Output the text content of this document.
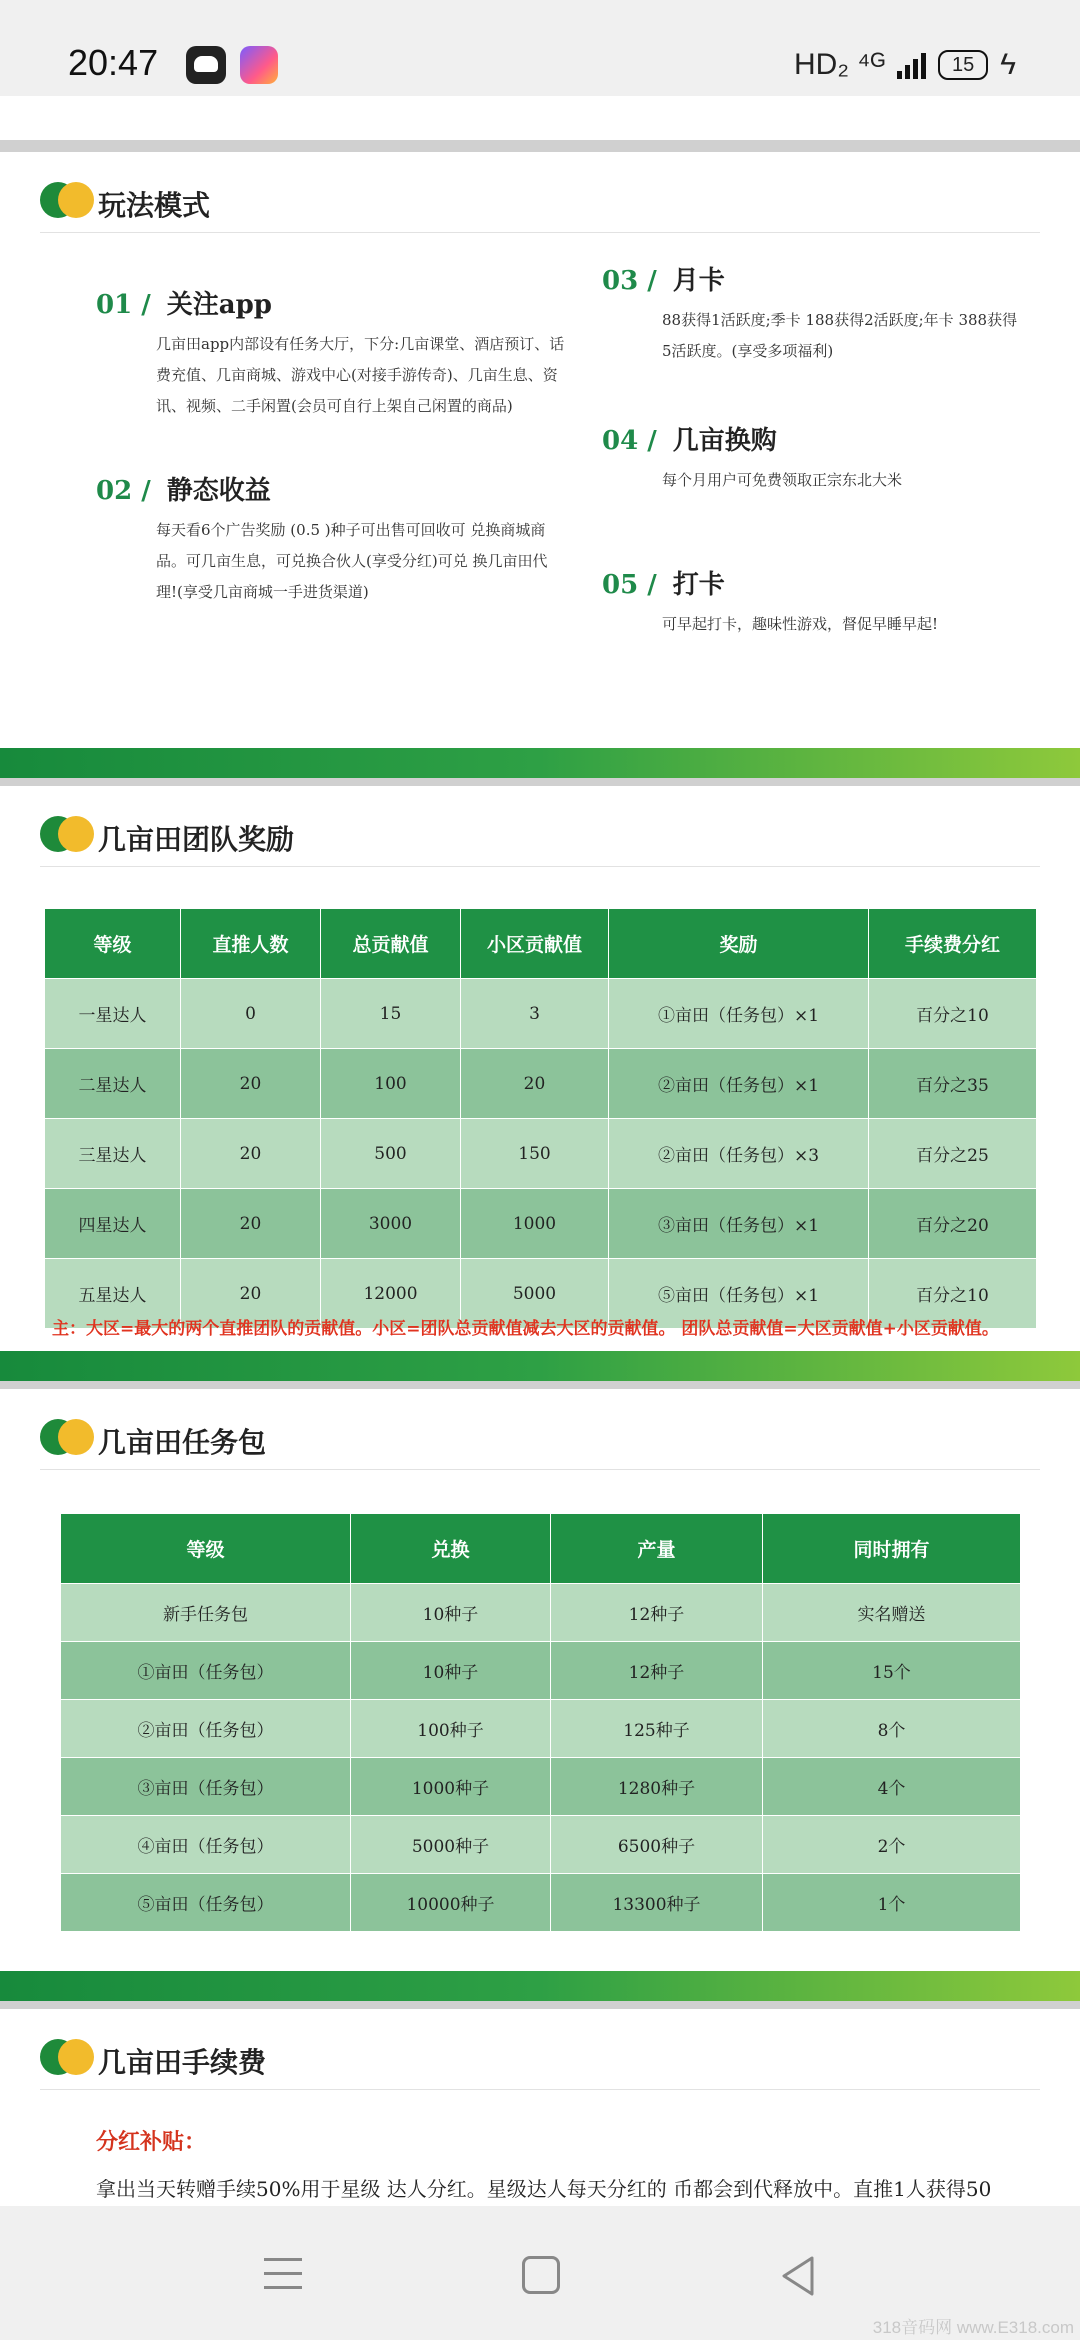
20:47	HD₂ ⁴ᴳ	15 ϟ
玩法模式
01 / 关注app
几亩田app内部设有任务大厅，下分:几亩课堂、酒店预订、话费充值、几亩商城、游戏中心(对接手游传奇)、几亩生息、资讯、视频、二手闲置(会员可自行上架自己闲置的商品)
02 / 静态收益
每天看6个广告奖励 (0.5 )种子可出售可回收可 兑换商城商品。可几亩生息，可兑换合伙人(享受分红)可兑 换几亩田代理!(享受几亩商城一手进货渠道)
03 / 月卡
88获得1活跃度;季卡 188获得2活跃度;年卡 388获得5活跃度。(享受多项福利)
04 / 几亩换购
每个月用户可免费领取正宗东北大米
05 / 打卡
可早起打卡，趣味性游戏，督促早睡早起!
几亩田团队奖励
等级	直推人数	总贡献值	小区贡献值	奖励	手续费分红
一星达人	0	15	3	①亩田（任务包）×1	百分之10
二星达人	20	100	20	②亩田（任务包）×1	百分之35
三星达人	20	500	150	②亩田（任务包）×3	百分之25
四星达人	20	3000	1000	③亩田（任务包）×1	百分之20
五星达人	20	12000	5000	⑤亩田（任务包）×1	百分之10
主：大区=最大的两个直推团队的贡献值。小区=团队总贡献值减去大区的贡献值。 团队总贡献值=大区贡献值+小区贡献值。
几亩田任务包
等级	兑换	产量	同时拥有
新手任务包	10种子	12种子	实名赠送
①亩田（任务包）	10种子	12种子	15个
②亩田（任务包）	100种子	125种子	8个
③亩田（任务包）	1000种子	1280种子	4个
④亩田（任务包）	5000种子	6500种子	2个
⑤亩田（任务包）	10000种子	13300种子	1个
几亩田手续费
分红补贴：
拿出当天转赠手续50%用于星级 达人分红。星级达人每天分红的 币都会到代释放中。直推1人获得50
318音码网 www.E318.com
